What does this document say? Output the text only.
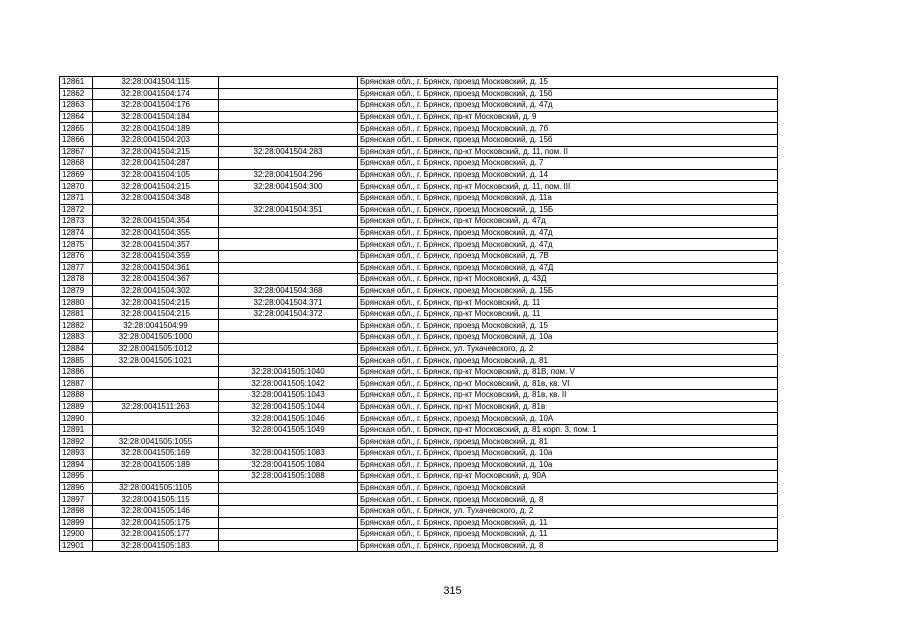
12861	32:28:0041504:115		Брянская обл., г. Брянск, проезд Московский, д. 15
12862	32:28:0041504:174		Брянская обл., г. Брянск, проезд Московский, д. 15б
12863	32:28:0041504:176		Брянская обл., г. Брянск, проезд Московский, д. 47д
12864	32:28:0041504:184		Брянская обл., г. Брянск, пр-кт Московский, д. 9
12865	32:28:0041504:189		Брянская обл., г. Брянск, проезд Московский, д. 7б
12866	32:28:0041504:203		Брянская обл., г. Брянск, проезд Московский, д. 15б
12867	32:28:0041504:215	32:28:0041504:283	Брянская обл., г. Брянск, пр-кт Московский, д. 11, пом. II
12868	32:28:0041504:287		Брянская обл., г. Брянск, проезд Московский, д. 7
12869	32:28:0041504:105	32:28:0041504:296	Брянская обл., г. Брянск, проезд Московский, д. 14
12870	32:28:0041504:215	32:28:0041504:300	Брянская обл., г. Брянск, пр-кт Московский, д. 11, пом. III
12871	32:28:0041504:348		Брянская обл., г. Брянск, проезд Московский, д. 11а
12872		32:28:0041504:351	Брянская обл., г. Брянск, проезд Московский, д. 15Б
12873	32:28:0041504:354		Брянская обл., г. Брянск, пр-кт Московский, д. 47д
12874	32:28:0041504:355		Брянская обл., г. Брянск, проезд Московский, д. 47д
12875	32:28:0041504:357		Брянская обл., г. Брянск, проезд Московский, д. 47д
12876	32:28:0041504:359		Брянская обл., г. Брянск, проезд Московский, д. 7В
12877	32:28:0041504:361		Брянская обл., г. Брянск, проезд Московский, д. 47Д
12878	32:28:0041504:367		Брянская обл., г. Брянск, пр-кт Московский, д. 43Д
12879	32:28:0041504:302	32:28:0041504:368	Брянская обл., г. Брянск, проезд Московский, д. 15Б
12880	32:28:0041504:215	32:28:0041504:371	Брянская обл., г. Брянск, пр-кт Московский, д. 11
12881	32:28:0041504:215	32:28:0041504:372	Брянская обл., г. Брянск, пр-кт Московский, д. 11
12882	32:28:0041504:99		Брянская обл., г. Брянск, проезд Московский, д. 15
12883	32:28:0041505:1000		Брянская обл., г. Брянск, проезд Московский, д. 10а
12884	32:28:0041505:1012		Брянская обл., г. Брянск, ул. Тухачевского, д. 2
12885	32:28:0041505:1021		Брянская обл., г. Брянск, проезд Московский, д. 81
12886		32:28:0041505:1040	Брянская обл., г. Брянск, пр-кт Московский, д. 81В, пом. V
12887		32:28:0041505:1042	Брянская обл., г. Брянск, пр-кт Московский, д. 81в, кв. VI
12888		32:28:0041505:1043	Брянская обл., г. Брянск, пр-кт Московский, д. 81в, кв. II
12889	32:28:0041511:263	32:28:0041505:1044	Брянская обл., г. Брянск, пр-кт Московский, д. 81в
12890		32:28:0041505:1046	Брянская обл., г. Брянск, проезд Московский, д. 10А
12891		32:28:0041505:1049	Брянская обл., г. Брянск, пр-кт Московский, д. 81 корп. 3, пом. 1
12892	32:28:0041505:1055		Брянская обл., г. Брянск, проезд Московский, д. 81
12893	32:28:0041505:169	32:28:0041505:1083	Брянская обл., г. Брянск, проезд Московский, д. 10а
12894	32:28:0041505:189	32:28:0041505:1084	Брянская обл., г. Брянск, проезд Московский, д. 10а
12895		32:28:0041505:1088	Брянская обл., г. Брянск, пр-кт Московский, д. 90А
12896	32:28:0041505:1105		Брянская обл., г. Брянск, проезд Московский
12897	32:28:0041505:115		Брянская обл., г. Брянск, проезд Московский, д. 8
12898	32:28:0041505:146		Брянская обл., г. Брянск, ул. Тухачевского, д. 2
12899	32:28:0041505:175		Брянская обл., г. Брянск, проезд Московский, д. 11
12900	32:28:0041505:177		Брянская обл., г. Брянск, проезд Московский, д. 11
12901	32:28:0041505:183		Брянская обл., г. Брянск, проезд Московский, д. 8
315
